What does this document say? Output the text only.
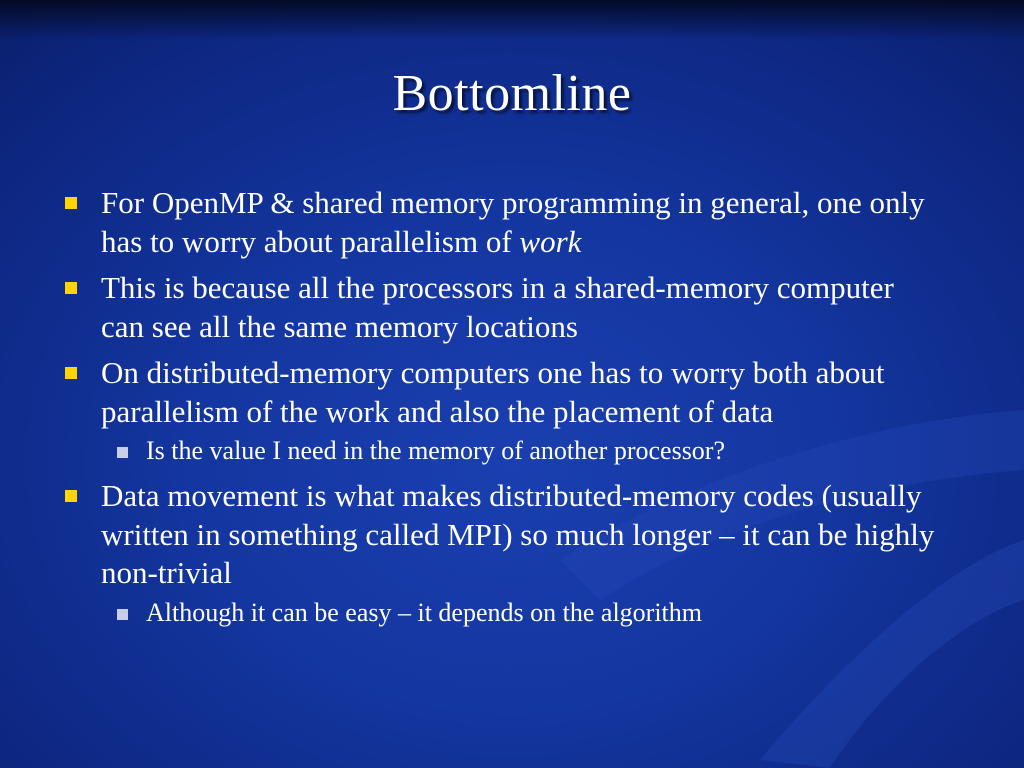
Bottomline
For OpenMP & shared memory programming in general, one only has to worry about parallelism of work
This is because all the processors in a shared-memory computer can see all the same memory locations
On distributed-memory computers one has to worry both about parallelism of the work and also the placement of data
Is the value I need in the memory of another processor?
Data movement is what makes distributed-memory codes (usually written in something called MPI) so much longer – it can be highly non-trivial
Although it can be easy – it depends on the algorithm
